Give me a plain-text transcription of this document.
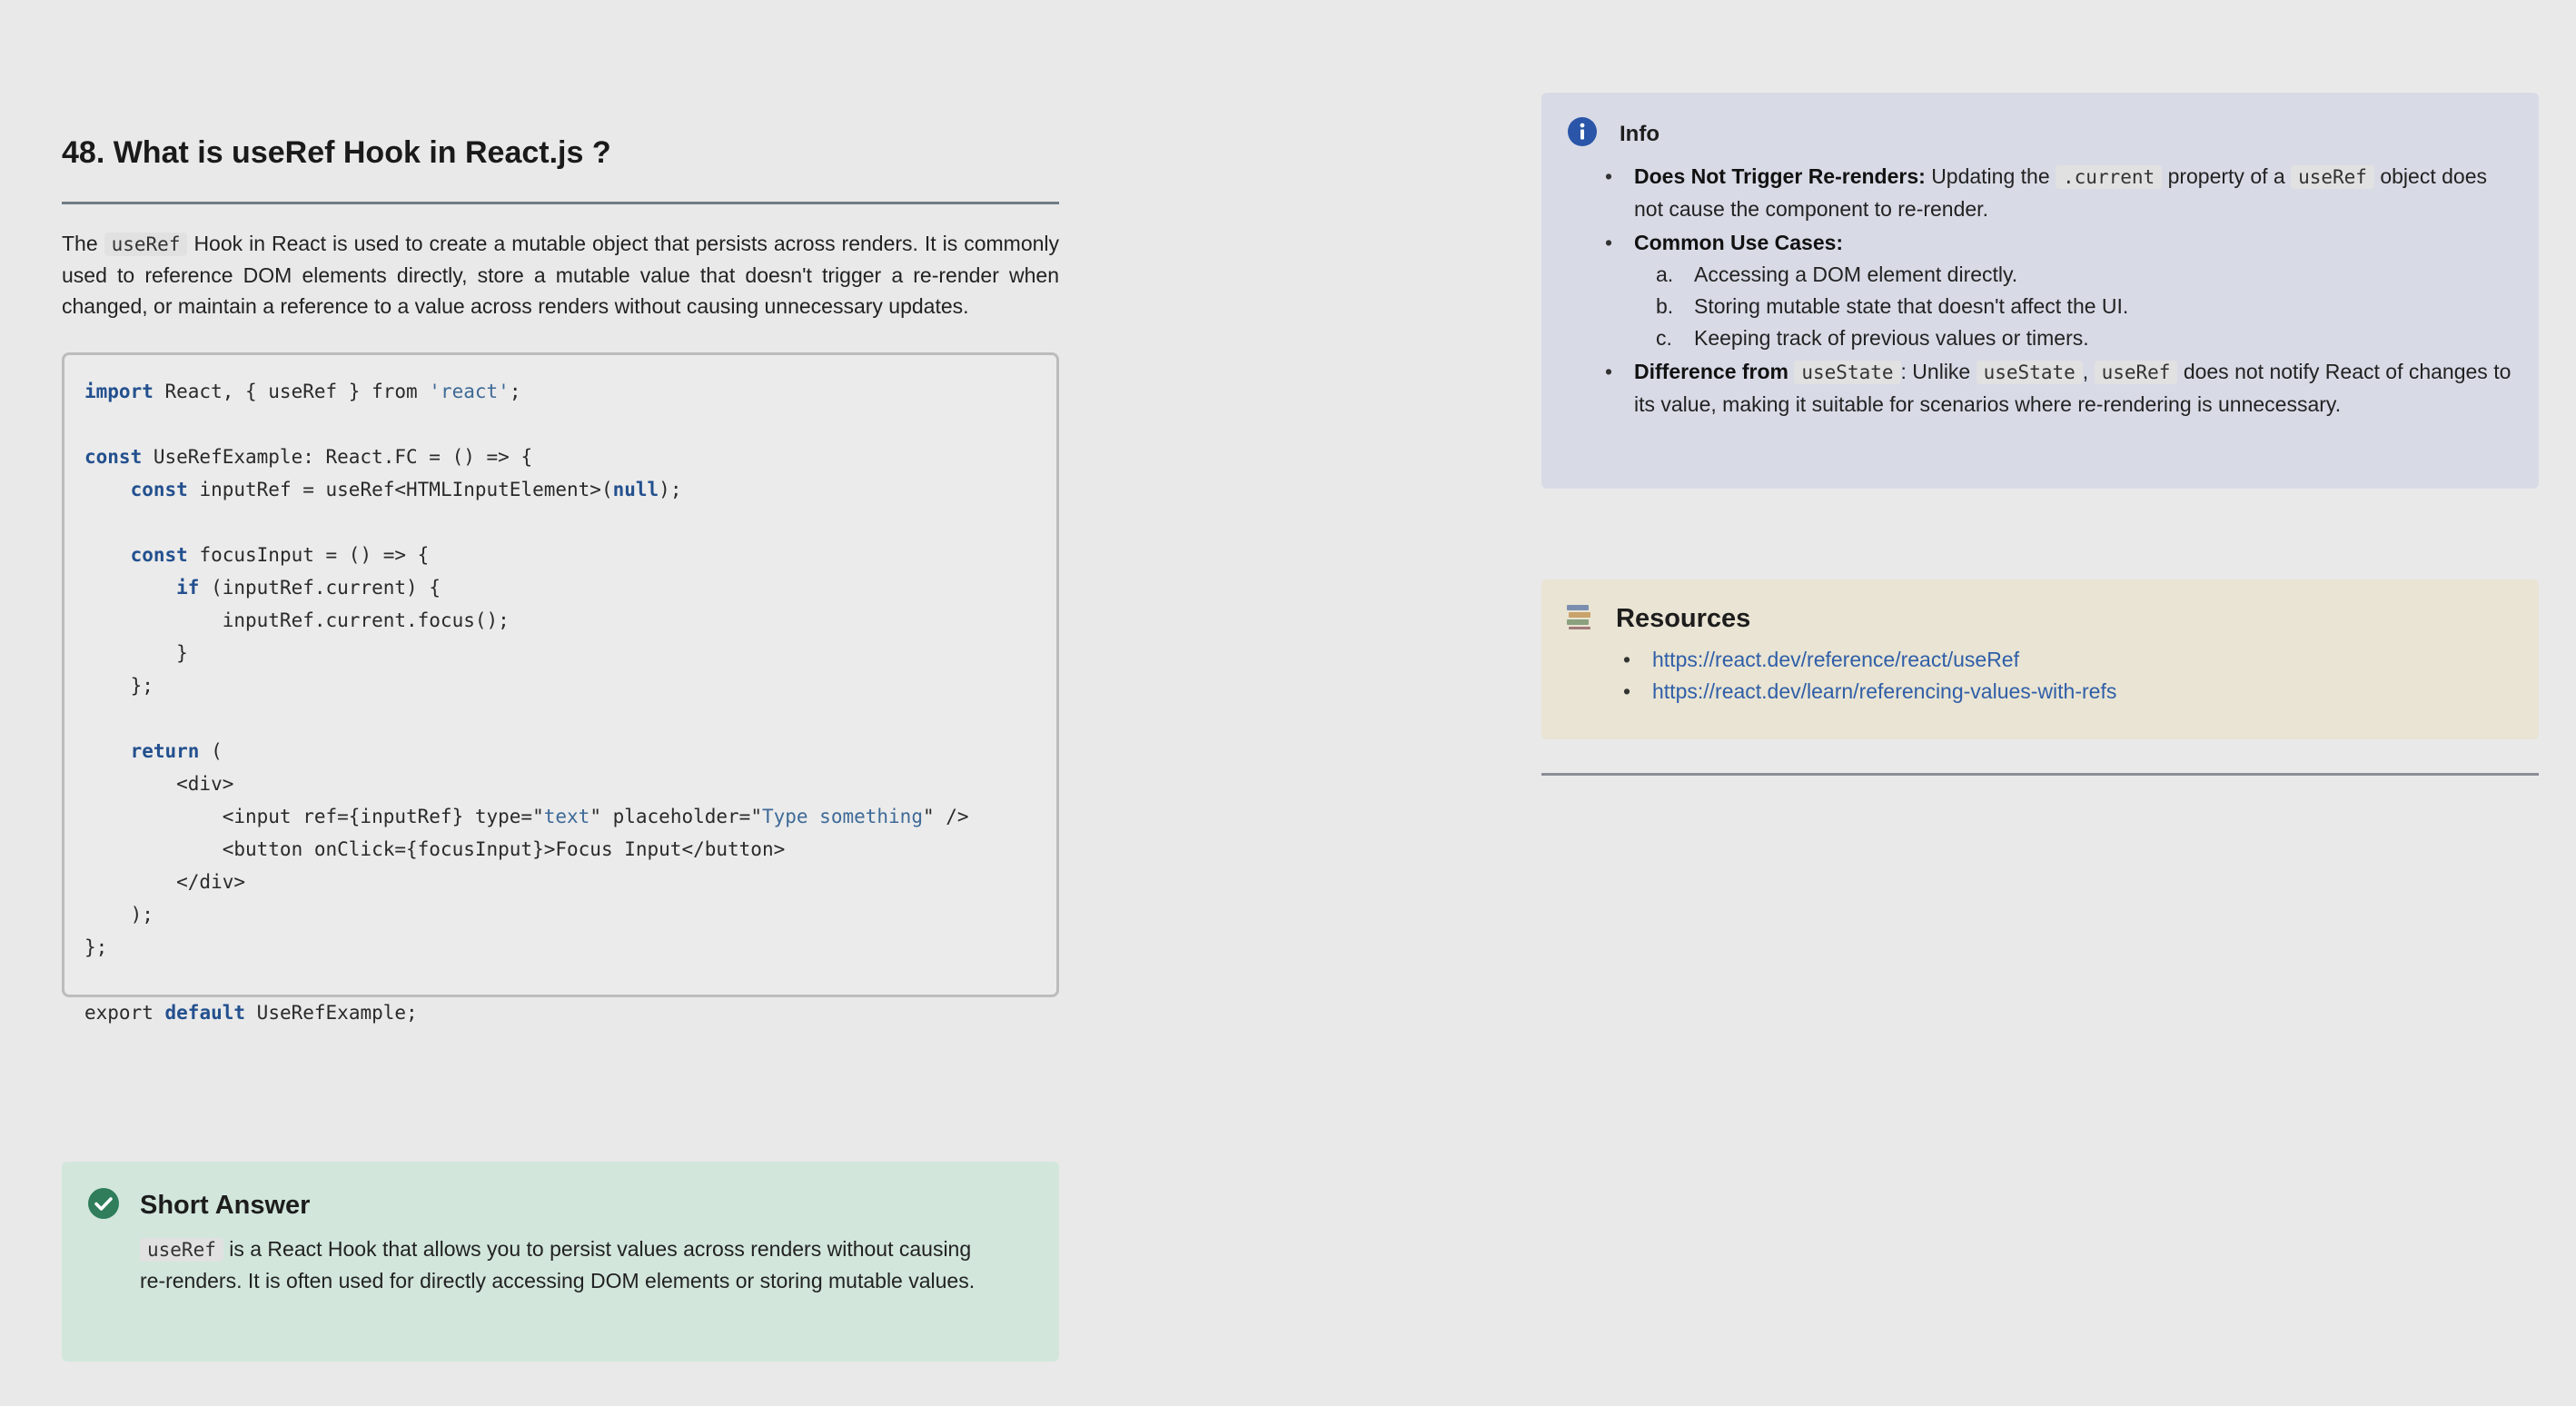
48. What is useRef Hook in React.js ?

The useRef Hook in React is used to create a mutable object that persists across renders. It is commonly used to reference DOM elements directly, store a mutable value that doesn't trigger a re-render when changed, or maintain a reference to a value across renders without causing unnecessary updates.

import React, { useRef } from 'react';
const UseRefExample: React.FC = () => {
const inputRef = useRef<HTMLInputElement>(null);
const focusInput = () => {
if (inputRef.current) {
inputRef.current.focus();
}
};
return (
<div>
<input ref={inputRef} type="text" placeholder="Type something" />
<button onClick={focusInput}>Focus Input</button>
</div>
);
};
export default UseRefExample;
Short Answer
useRef is a React Hook that allows you to persist values across renders without causing re-renders. It is often used for directly accessing DOM elements or storing mutable values.
Info
• Does Not Trigger Re-renders: Updating the .current property of a useRef object does not cause the component to re-render.
• Common Use Cases:
a. Accessing a DOM element directly.
b. Storing mutable state that doesn't affect the UI.
c. Keeping track of previous values or timers.
• Difference from useState : Unlike useState , useRef does not notify React of changes to its value, making it suitable for scenarios where re-rendering is unnecessary.
Resources
• https://react.dev/reference/react/useRef
• https://react.dev/learn/referencing-values-with-refs
